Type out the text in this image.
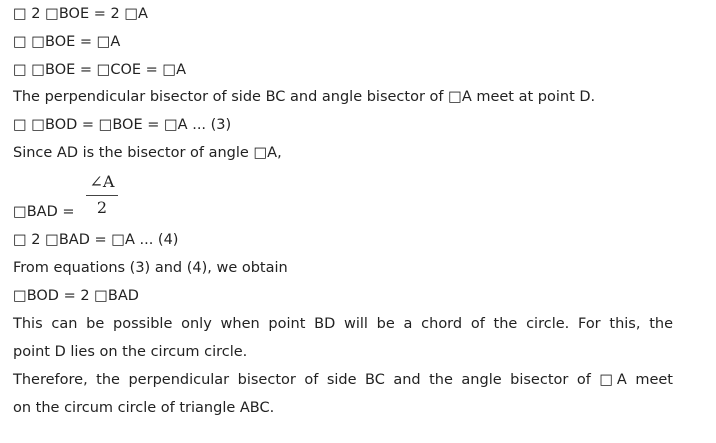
□ 2 □BOE = 2 □A
□ □BOE = □A
□ □BOE = □COE = □A
The perpendicular bisector of side BC and angle bisector of □A meet at point D.
□ □BOD = □BOE = □A ... (3)
Since AD is the bisector of angle □A,
□BAD =
∠A
2
□ 2 □BAD = □A ... (4)
From equations (3) and (4), we obtain
□BOD = 2 □BAD
This can be possible only when point BD will be a chord of the circle. For this, the
point D lies on the circum circle.
Therefore, the perpendicular bisector of side BC and the angle bisector of □A meet
on the circum circle of triangle ABC.
